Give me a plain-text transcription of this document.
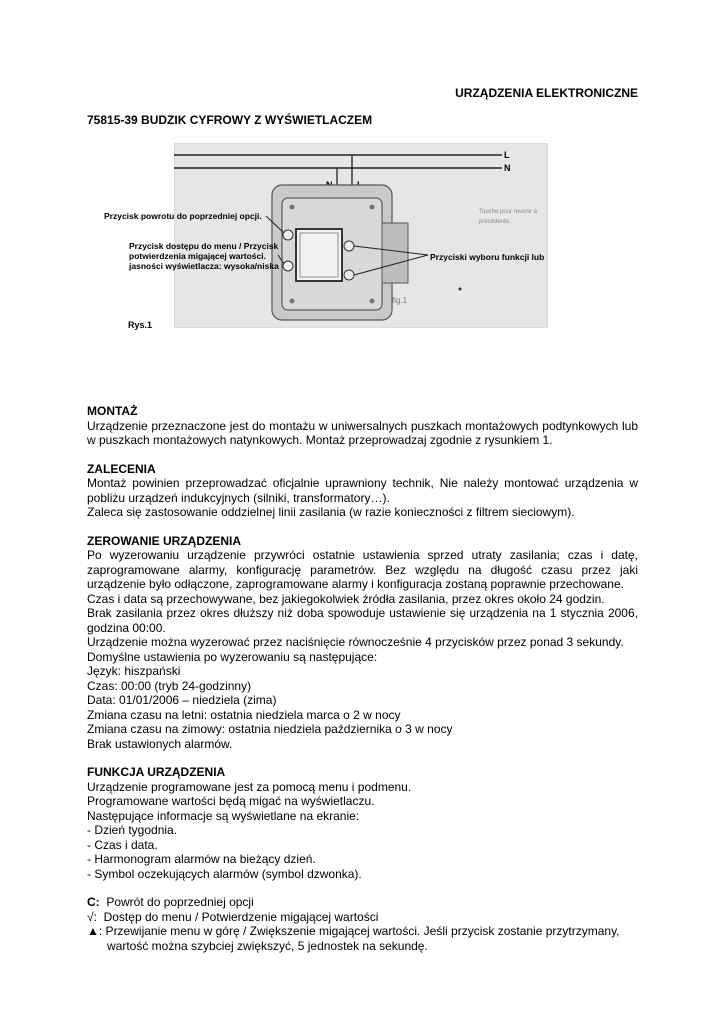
URZĄDZENIA ELEKTRONICZNE
75815-39 BUDZIK CYFROWY Z WYŚWIETLACZEM
L
N
Touche pour revenir à
précédente.
fig.1
Przycisk powrotu do poprzedniej opcji.
Przycisk dostępu do menu / Przycisk
potwierdzenia migającej wartości.
jasności wyświetlacza: wysoka/niska
Przyciski wyboru funkcji lub
Rys.1
MONTAŻ

Urządzenie przeznaczone jest do montażu w uniwersalnych puszkach montażowych podtynkowych lub w puszkach montażowych natynkowych. Montaż przeprowadzaj zgodnie z rysunkiem 1.

ZALECENIA

Montaż powinien przeprowadzać oficjalnie uprawniony technik, Nie należy montować urządzenia w pobliżu urządzeń indukcyjnych (silniki, transformatory…).

Zaleca się zastosowanie oddzielnej linii zasilania (w razie konieczności z filtrem sieciowym).

ZEROWANIE URZĄDZENIA

Po wyzerowaniu urządzenie przywróci ostatnie ustawienia sprzed utraty zasilania; czas i datę, zaprogramowane alarmy, konfigurację parametrów. Bez względu na długość czasu przez jaki urządzenie było odłączone, zaprogramowane alarmy i konfiguracja zostaną poprawnie przechowane.

Czas i data są przechowywane, bez jakiegokolwiek źródła zasilania, przez okres około 24 godzin.

Brak zasilania przez okres dłuższy niż doba spowoduje ustawienie się urządzenia na 1 stycznia 2006, godzina 00:00.

Urządzenie można wyzerować przez naciśnięcie równocześnie 4 przycisków przez ponad 3 sekundy.

Domyślne ustawienia po wyzerowaniu są następujące:

Język: hiszpański

Czas: 00:00 (tryb 24-godzinny)

Data: 01/01/2006 – niedziela (zima)

Zmiana czasu na letni: ostatnia niedziela marca o 2 w nocy

Zmiana czasu na zimowy: ostatnia niedziela października o 3 w nocy

Brak ustawionych alarmów.

FUNKCJA URZĄDZENIA

Urządzenie programowane jest za pomocą menu i podmenu.

Programowane wartości będą migać na wyświetlaczu.

Następujące informacje są wyświetlane na ekranie:

- Dzień tygodnia.

- Czas i data.

- Harmonogram alarmów na bieżący dzień.

- Symbol oczekujących alarmów (symbol dzwonka).

C: Powrót do poprzedniej opcji
√ :  Dostęp do menu / Potwierdzenie migającej wartości
▲ : Przewijanie menu w górę / Zwiększenie migającej wartości. Jeśli przycisk zostanie przytrzymany,
wartość można szybciej zwiększyć, 5 jednostek na sekundę.
